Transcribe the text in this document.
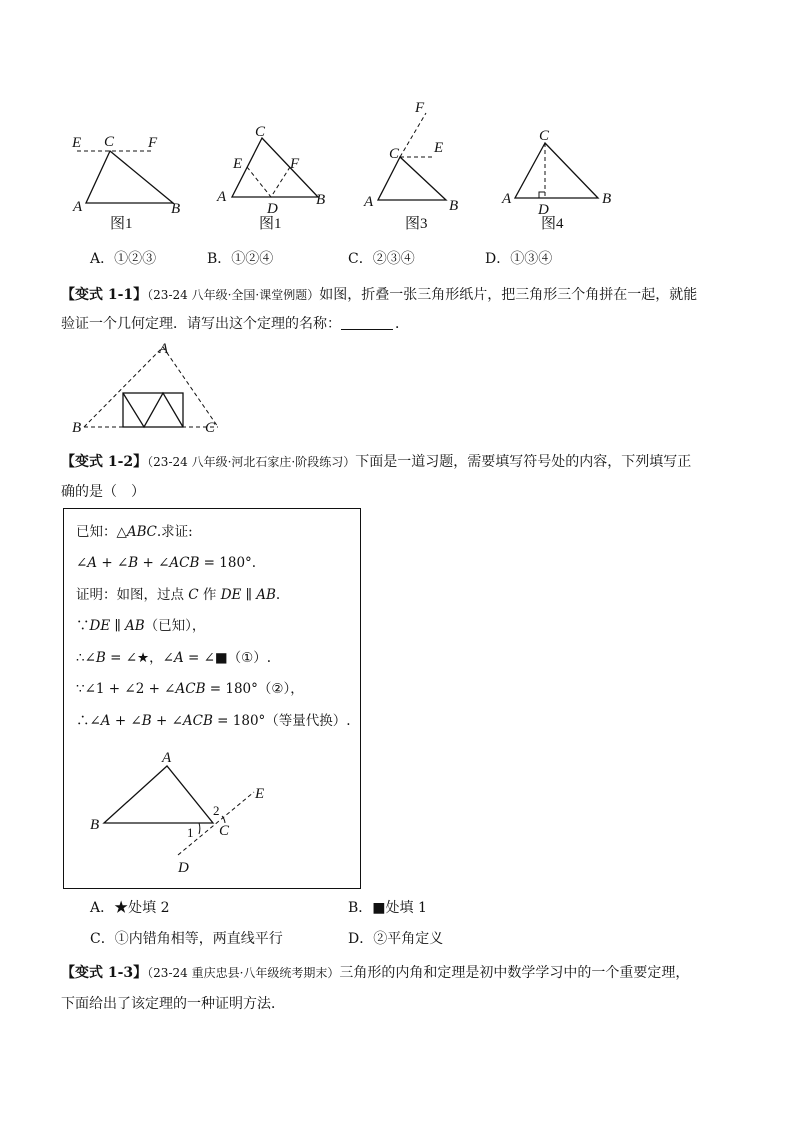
E C F
A	B
图1
C
E	F
A
D
B
图1
F
C E
A	B
图3
C
A
D
B
图4
A．①②③	B．①②④	C．②③④	D．①③④
【变式 1-1】（23-24 八年级·全国·课堂例题）如图，折叠一张三角形纸片，把三角形三个角拼在一起，就能
验证一个几何定理．请写出这个定理的名称：	．
A
B	C
【变式 1-2】（23-24 八年级·河北石家庄·阶段练习）下面是一道习题，需要填写符号处的内容，下列填写正
确的是（　）
已知：△𝐴𝐵𝐶.求证:
∠𝐴 + ∠𝐵 + ∠𝐴𝐶𝐵 = 180°.
证明：如图，过点 𝐶 作 𝐷𝐸 ∥ 𝐴𝐵.
∵𝐷𝐸 ∥ 𝐴𝐵（已知），
∴∠𝐵 = ∠★，∠𝐴 = ∠■（①）.
∵∠1 + ∠2 + ∠𝐴𝐶𝐵 = 180°（②），
∴∠𝐴 + ∠𝐵 + ∠𝐴𝐶𝐵 = 180°（等量代换）.
A
B	C
D
E
1
2
A．★处填 2	B．■处填 1
C．①内错角相等，两直线平行	D．②平角定义
【变式 1-3】（23-24 重庆忠县·八年级统考期末）三角形的内角和定理是初中数学学习中的一个重要定理，
下面给出了该定理的一种证明方法．
